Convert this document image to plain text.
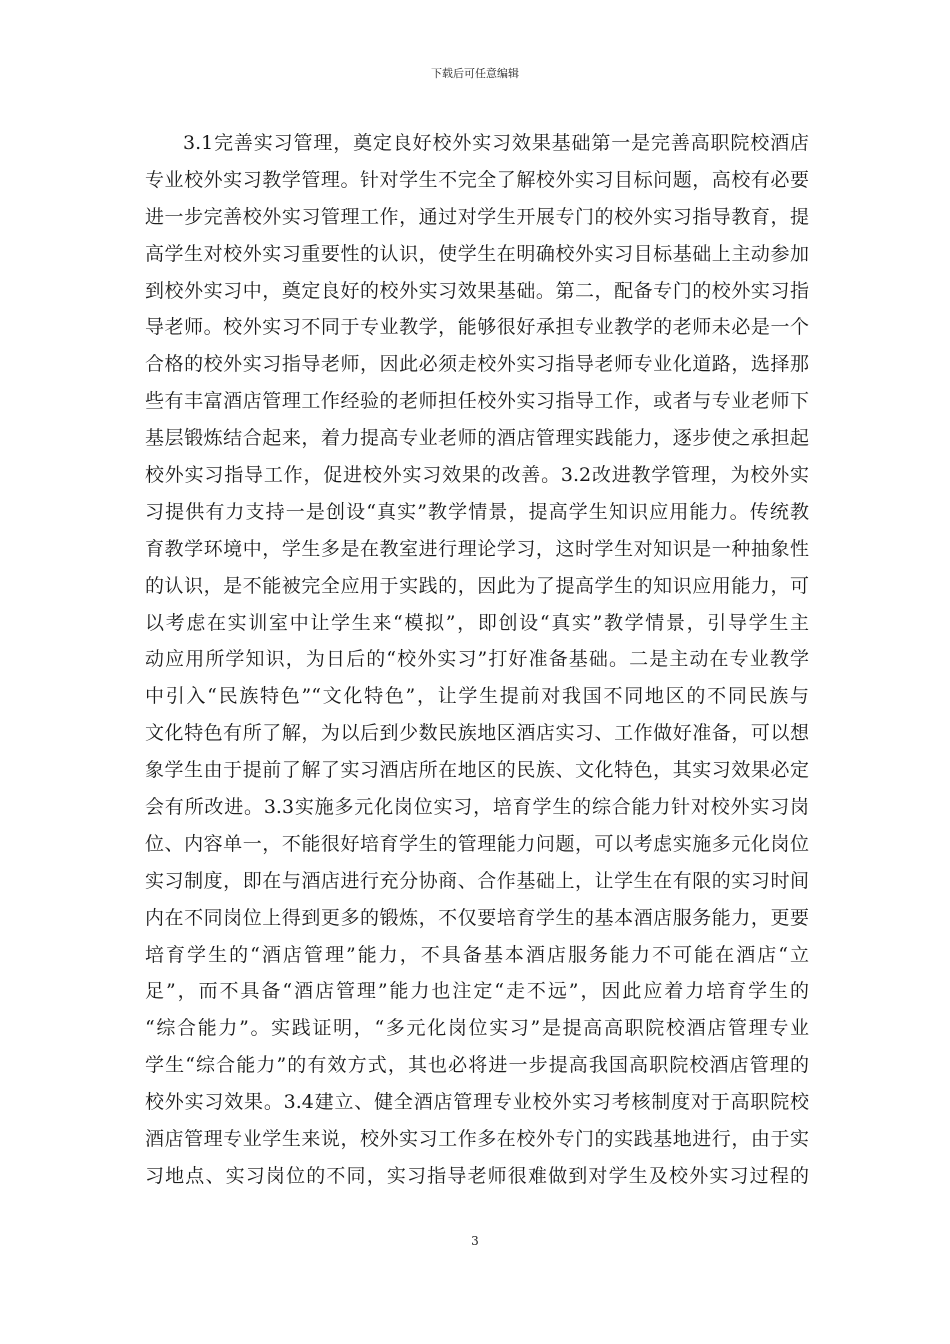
下载后可任意编辑
3.1完善实习管理，奠定良好校外实习效果基础第一是完善高职院校酒店
专业校外实习教学管理。针对学生不完全了解校外实习目标问题，高校有必要
进一步完善校外实习管理工作，通过对学生开展专门的校外实习指导教育，提
高学生对校外实习重要性的认识，使学生在明确校外实习目标基础上主动参加
到校外实习中，奠定良好的校外实习效果基础。第二，配备专门的校外实习指
导老师。校外实习不同于专业教学，能够很好承担专业教学的老师未必是一个
合格的校外实习指导老师，因此必须走校外实习指导老师专业化道路，选择那
些有丰富酒店管理工作经验的老师担任校外实习指导工作，或者与专业老师下
基层锻炼结合起来，着力提高专业老师的酒店管理实践能力，逐步使之承担起
校外实习指导工作，促进校外实习效果的改善。3.2改进教学管理，为校外实
习提供有力支持一是创设“真实”教学情景，提高学生知识应用能力。传统教
育教学环境中，学生多是在教室进行理论学习，这时学生对知识是一种抽象性
的认识，是不能被完全应用于实践的，因此为了提高学生的知识应用能力，可
以考虑在实训室中让学生来“模拟”，即创设“真实”教学情景，引导学生主
动应用所学知识，为日后的“校外实习”打好准备基础。二是主动在专业教学
中引入“民族特色”“文化特色”，让学生提前对我国不同地区的不同民族与
文化特色有所了解，为以后到少数民族地区酒店实习、工作做好准备，可以想
象学生由于提前了解了实习酒店所在地区的民族、文化特色，其实习效果必定
会有所改进。3.3实施多元化岗位实习，培育学生的综合能力针对校外实习岗
位、内容单一，不能很好培育学生的管理能力问题，可以考虑实施多元化岗位
实习制度，即在与酒店进行充分协商、合作基础上，让学生在有限的实习时间
内在不同岗位上得到更多的锻炼，不仅要培育学生的基本酒店服务能力，更要
培育学生的“酒店管理”能力，不具备基本酒店服务能力不可能在酒店“立
足”，而不具备“酒店管理”能力也注定“走不远”，因此应着力培育学生的
“综合能力”。实践证明，“多元化岗位实习”是提高高职院校酒店管理专业
学生“综合能力”的有效方式，其也必将进一步提高我国高职院校酒店管理的
校外实习效果。3.4建立、健全酒店管理专业校外实习考核制度对于高职院校
酒店管理专业学生来说，校外实习工作多在校外专门的实践基地进行，由于实
习地点、实习岗位的不同，实习指导老师很难做到对学生及校外实习过程的
3
